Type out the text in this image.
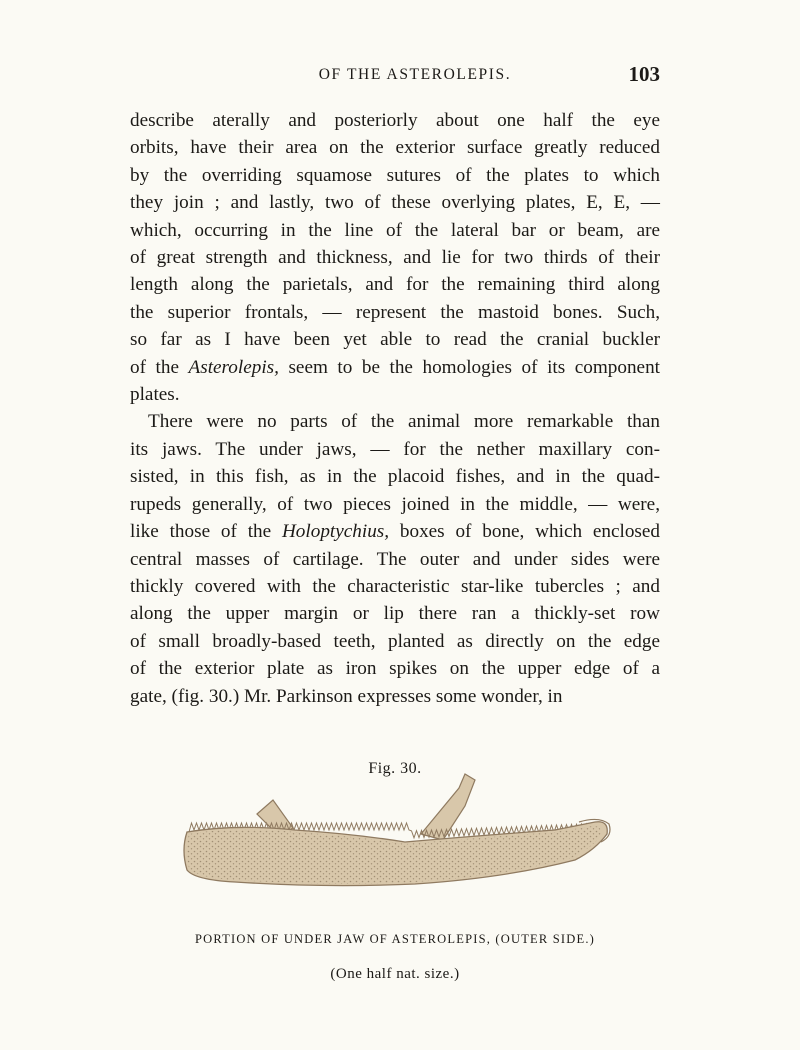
OF THE ASTEROLEPIS.	103

describe aterally and posteriorly about one half the eye

orbits, have their area on the exterior surface greatly reduced

by the overriding squamose sutures of the plates to which

they join ; and lastly, two of these overlying plates, E, E, —

which, occurring in the line of the lateral bar or beam, are

of great strength and thickness, and lie for two thirds of their

length along the parietals, and for the remaining third along

the superior frontals, — represent the mastoid bones. Such,

so far as I have been yet able to read the cranial buckler

of the Asterolepis, seem to be the homologies of its component

plates.

There were no parts of the animal more remarkable than

its jaws. The under jaws, — for the nether maxillary con-

sisted, in this fish, as in the placoid fishes, and in the quad-

rupeds generally, of two pieces joined in the middle, — were,

like those of the Holoptychius, boxes of bone, which enclosed

central masses of cartilage. The outer and under sides were

thickly covered with the characteristic star-like tubercles ; and

along the upper margin or lip there ran a thickly-set row

of small broadly-based teeth, planted as directly on the edge

of the exterior plate as iron spikes on the upper edge of a

gate, (fig. 30.) Mr. Parkinson expresses some wonder, in

Fig. 30.
PORTION OF UNDER JAW OF ASTEROLEPIS, (OUTER SIDE.)
(One half nat. size.)
